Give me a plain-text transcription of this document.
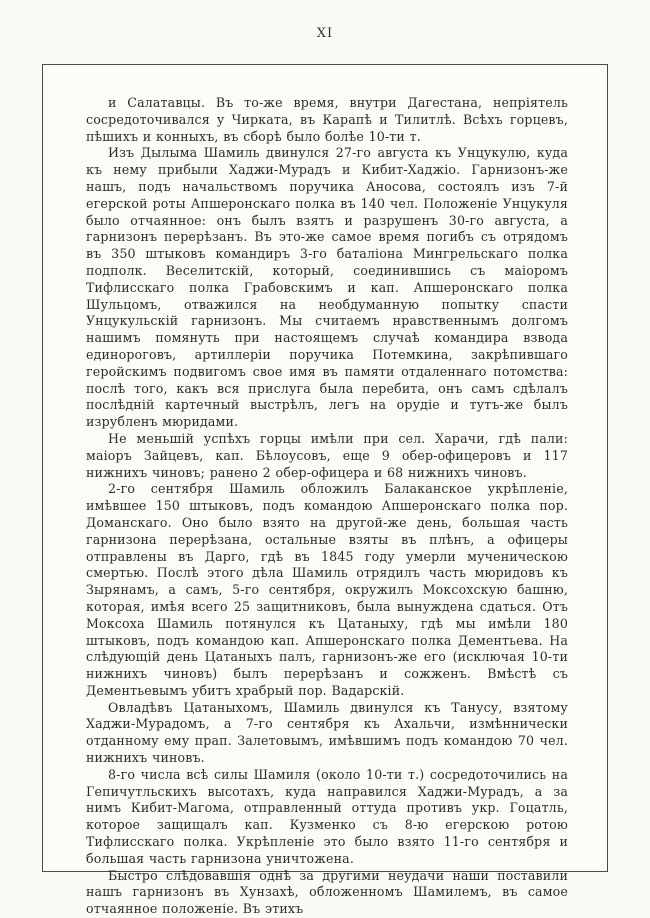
XI

и Салатавцы. Въ то-же время, внутри Дагестана, непріятель сосредоточивался у Чирката, въ Карапѣ и Тилитлѣ. Всѣхъ горцевъ, пѣшихъ и конныхъ, въ сборѣ было болѣе 10-ти т.

Изъ Дылыма Шамиль двинулся 27-го августа къ Унцукулю, куда къ нему прибыли Хаджи-Мурадъ и Кибит-Хаджіо. Гарнизонъ-же нашъ, подъ начальствомъ поручика Аносова, состоялъ изъ 7-й егерской роты Апшеронскаго полка въ 140 чел. Положеніе Унцукуля было отчаянное: онъ былъ взятъ и разрушенъ 30-го августа, а гарнизонъ перерѣзанъ. Въ это-же самое время погибъ съ отрядомъ въ 350 штыковъ командиръ 3-го баталіона Мингрельскаго полка подполк. Веселитскій, который, соединившись съ маіоромъ Тифлисскаго полка Грабовскимъ и кап. Апшеронскаго полка Шульцомъ, отважился на необдуманную попытку спасти Унцукульскій гарнизонъ. Мы считаемъ нравственнымъ долгомъ нашимъ помянуть при настоящемъ случаѣ командира взвода единороговъ, артиллеріи поручика Потемкина, закрѣпившаго геройскимъ подвигомъ свое имя въ памяти отдаленнаго потомства: послѣ того, какъ вся прислуга была перебита, онъ самъ сдѣлалъ послѣдній картечный выстрѣлъ, легъ на орудіе и тутъ-же былъ изрубленъ мюридами.

Не меньшій успѣхъ горцы имѣли при сел. Харачи, гдѣ пали: маіоръ Зайцевъ, кап. Бѣлоусовъ, еще 9 обер-офицеровъ и 117 нижнихъ чиновъ; ранено 2 обер-офицера и 68 нижнихъ чиновъ.

2-го сентября Шамиль обложилъ Балаканское укрѣпленіе, имѣвшее 150 штыковъ, подъ командою Апшеронскаго полка пор. Доманскаго. Оно было взято на другой-же день, большая часть гарнизона перерѣзана, остальные взяты въ плѣнъ, а офицеры отправлены въ Дарго, гдѣ въ 1845 году умерли мученическою смертью. Послѣ этого дѣла Шамиль отрядилъ часть мюридовъ къ Зырянамъ, а самъ, 5-го сентября, окружилъ Моксохскую башню, которая, имѣя всего 25 защитниковъ, была вынуждена сдаться. Отъ Моксоха Шамиль потянулся къ Цатаныху, гдѣ мы имѣли 180 штыковъ, подъ командою кап. Апшеронскаго полка Дементьева. На слѣдующій день Цатаныхъ палъ, гарнизонъ-же его (исключая 10-ти нижнихъ чиновъ) былъ перерѣзанъ и сожженъ. Вмѣстѣ съ Дементьевымъ убитъ храбрый пор. Вадарскій.

Овладѣвъ Цатаныхомъ, Шамиль двинулся къ Танусу, взятому Хаджи-Мурадомъ, а 7-го сентября къ Ахальчи, измѣннически отданному ему прап. Залетовымъ, имѣвшимъ подъ командою 70 чел. нижнихъ чиновъ.

8-го числа всѣ силы Шамиля (около 10-ти т.) сосредоточились на Гепичутльскихъ высотахъ, куда направился Хаджи-Мурадъ, а за нимъ Кибит-Магома, отправленный оттуда противъ укр. Гоцатль, которое защищалъ кап. Кузменко съ 8-ю егерскою ротою Тифлисскаго полка. Укрѣпленіе это было взято 11-го сентября и большая часть гарнизона уничтожена.

Быстро слѣдовавшія однѣ за другими неудачи наши поставили нашъ гарнизонъ въ Хунзахѣ, обложенномъ Шамилемъ, въ самое отчаянное положеніе. Въ этихъ
